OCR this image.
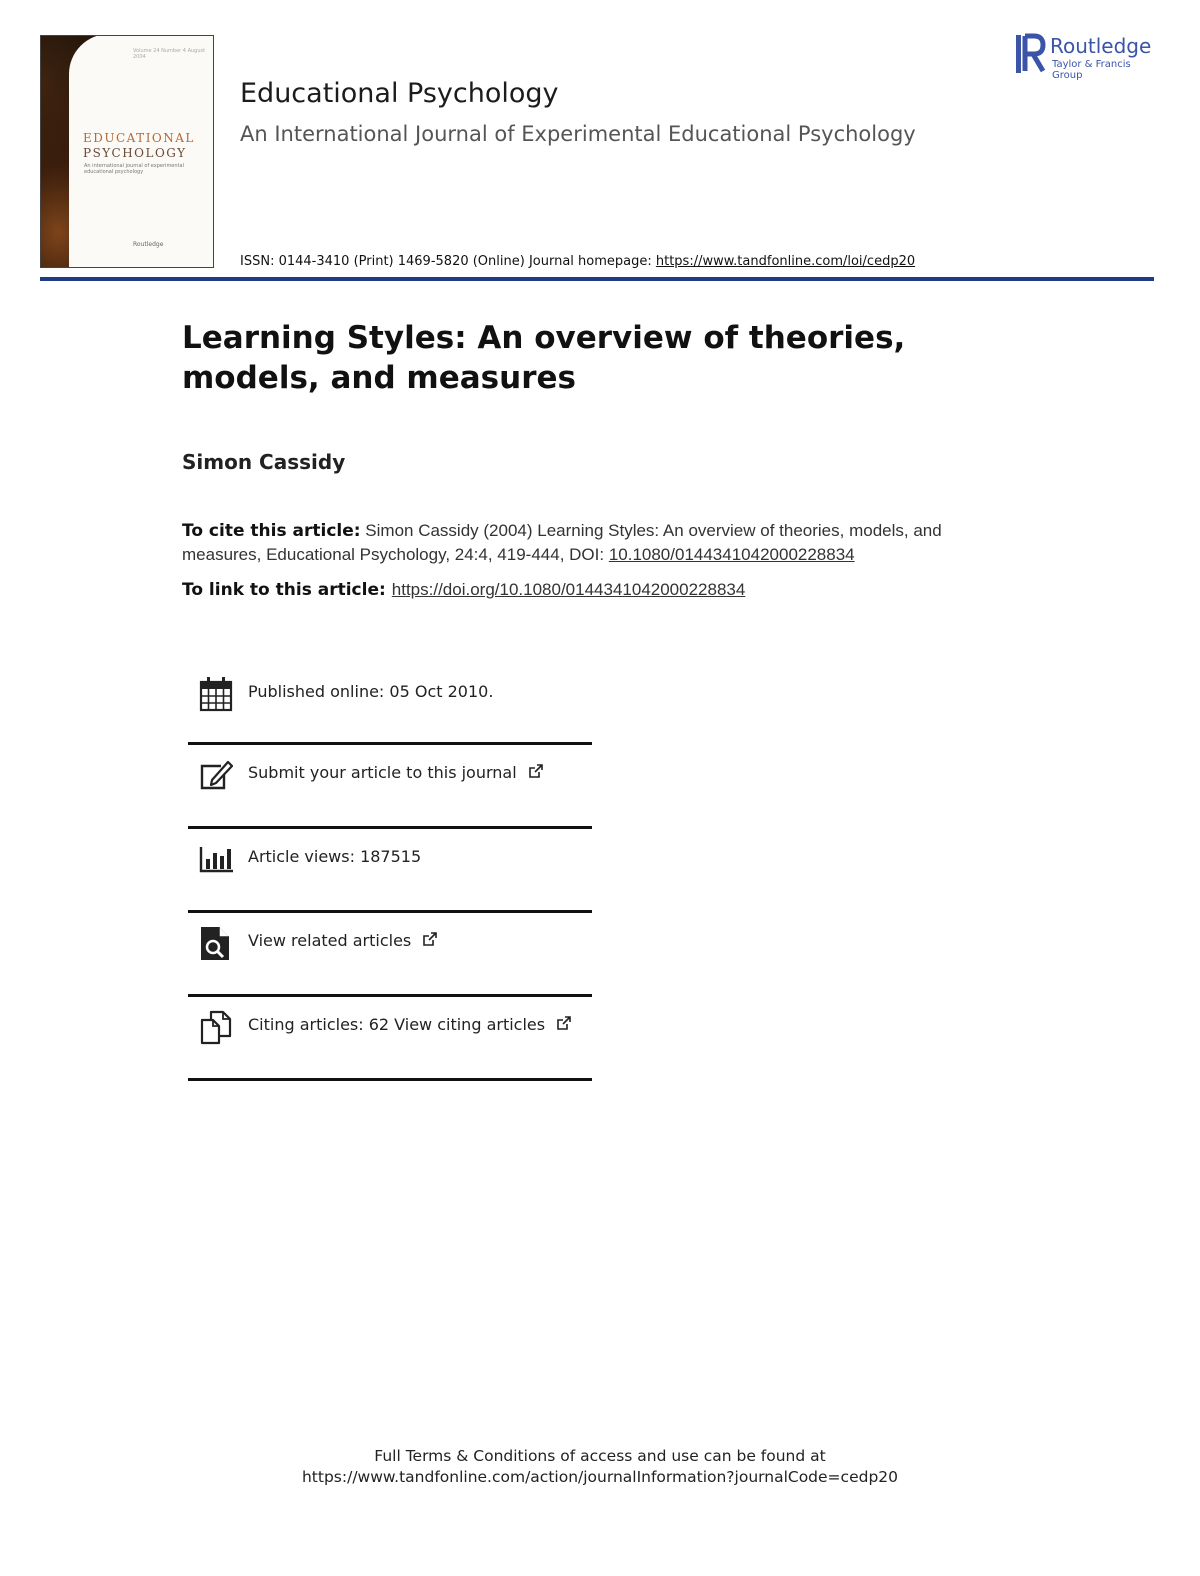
Volume 24 Number 4 August 2004
EDUCATIONAL
PSYCHOLOGY
An international journal of experimental educational psychology
Routledge
Educational Psychology
An International Journal of Experimental Educational Psychology
ISSN: 0144-3410 (Print) 1469-5820 (Online) Journal homepage: https://www.tandfonline.com/loi/cedp20
Routledge
Taylor & Francis Group
Learning Styles: An overview of theories, models, and measures
Simon Cassidy
To cite this article: Simon Cassidy (2004) Learning Styles: An overview of theories, models, and measures, Educational Psychology, 24:4, 419-444, DOI: 10.1080/0144341042000228834
To link to this article: https://doi.org/10.1080/0144341042000228834
Published online: 05 Oct 2010.
Submit your article to this journal
Article views: 187515
View related articles
Citing articles: 62 View citing articles
Full Terms & Conditions of access and use can be found at
https://www.tandfonline.com/action/journalInformation?journalCode=cedp20
